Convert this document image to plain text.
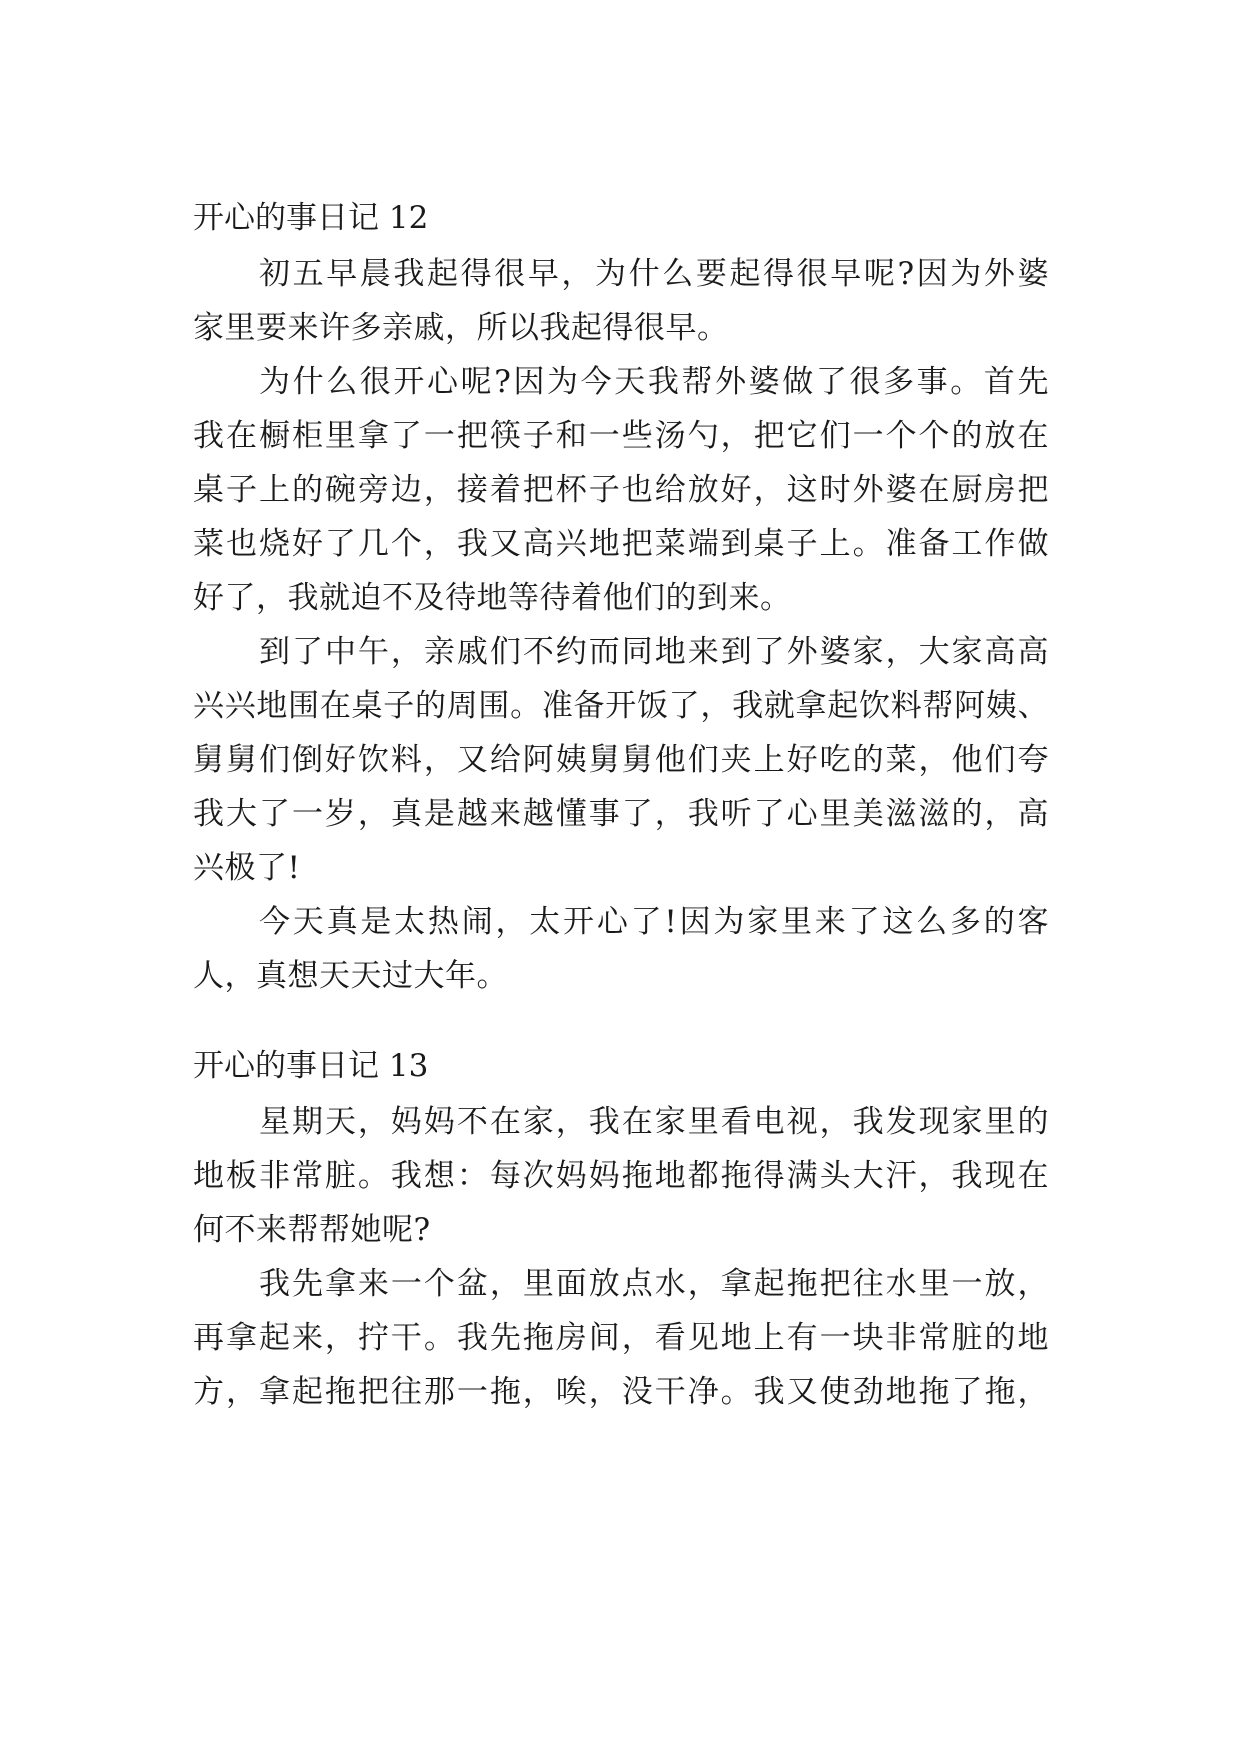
开心的事日记 12
初五早晨我起得很早，为什么要起得很早呢?因为外婆
家里要来许多亲戚，所以我起得很早。
为什么很开心呢?因为今天我帮外婆做了很多事。首先
我在橱柜里拿了一把筷子和一些汤勺，把它们一个个的放在
桌子上的碗旁边，接着把杯子也给放好，这时外婆在厨房把
菜也烧好了几个，我又高兴地把菜端到桌子上。准备工作做
好了，我就迫不及待地等待着他们的到来。
到了中午，亲戚们不约而同地来到了外婆家，大家高高
兴兴地围在桌子的周围。准备开饭了，我就拿起饮料帮阿姨、
舅舅们倒好饮料，又给阿姨舅舅他们夹上好吃的菜，他们夸
我大了一岁，真是越来越懂事了，我听了心里美滋滋的，高
兴极了!
今天真是太热闹，太开心了!因为家里来了这么多的客
人，真想天天过大年。
开心的事日记 13
星期天，妈妈不在家，我在家里看电视，我发现家里的
地板非常脏。我想：每次妈妈拖地都拖得满头大汗，我现在
何不来帮帮她呢?
我先拿来一个盆，里面放点水，拿起拖把往水里一放，
再拿起来，拧干。我先拖房间，看见地上有一块非常脏的地
方，拿起拖把往那一拖，唉，没干净。我又使劲地拖了拖，
